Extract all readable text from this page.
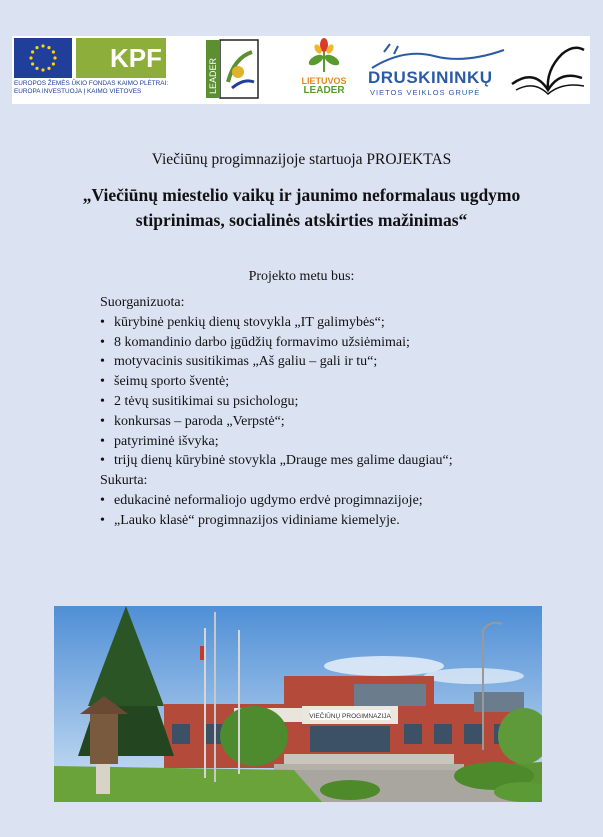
KPF
EUROPOS ŽEMĖS ŪKIO FONDAS KAIMO PLĖTRAI:
EUROPA INVESTUOJA Į KAIMO VIETOVES	LEADER	LIETUVOS
LEADER
DRUSKININKŲ
VIETOS VEIKLOS GRUPĖ
Viečiūnų progimnazijoje startuoja PROJEKTAS
„Viečiūnų miestelio vaikų ir jaunimo neformalaus ugdymo
stiprinimas, socialinės atskirties mažinimas“
Projekto metu bus:
Suorganizuota:
• kūrybinė penkių dienų stovykla „IT galimybės“;
• 8 komandinio darbo įgūdžių formavimo užsiėmimai;
• motyvacinis susitikimas „Aš galiu – gali ir tu“;
• šeimų sporto šventė;
• 2 tėvų susitikimai su psichologu;
• konkursas – paroda „Verpstė“;
• patyriminė išvyka;
• trijų dienų kūrybinė stovykla „Drauge mes galime daugiau“;
Sukurta:
• edukacinė neformaliojo ugdymo erdvė progimnazijoje;
• „Lauko klasė“ progimnazijos vidiniame kiemelyje.
VIEČIŪNŲ PROGIMNAZIJA
